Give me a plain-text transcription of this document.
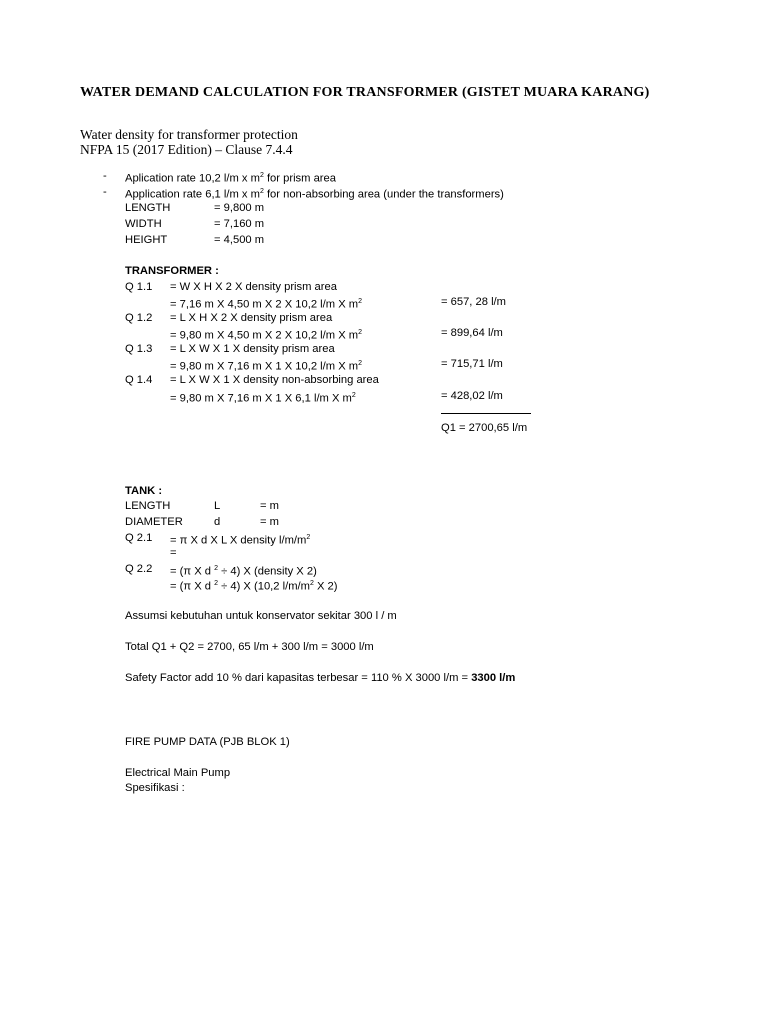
WATER DEMAND CALCULATION FOR TRANSFORMER (GISTET MUARA KARANG)
Water density for transformer protection
NFPA 15 (2017 Edition) – Clause 7.4.4
- Aplication rate 10,2 l/m x $m^2$ for prism area
- Application rate 6,1 l/m x $m^2$ for non-absorbing area (under the transformers)
LENGTH	= 9,800 m
WIDTH	= 7,160 m
HEIGHT	= 4,500 m
TRANSFORMER :
Q 1.1 = W X H X 2 X density prism area
= 7,16 m X 4,50 m X 2 X 10,2 l/m X $m^2$	= 657, 28 l/m
Q 1.2 = L X H X 2 X density prism area
= 9,80 m X 4,50 m X 2 X 10,2 l/m X $m^2$	= 899,64 l/m
Q 1.3 = L X W X 1 X density prism area
= 9,80 m X 7,16 m X 1 X 10,2 l/m X $m^2$	= 715,71 l/m
Q 1.4 = L X W X 1 X density non-absorbing area
= 9,80 m X 7,16 m X 1 X 6,1 l/m X $m^2$	= 428,02 l/m
Q1 = 2700,65 l/m
TANK :
LENGTH	L	= m
DIAMETER	d	= m
Q 2.1 = π X d X L X density $l/m/m^2$
=
Q 2.2 = (π X d $^2$ ÷ 4) X (density X 2)
= (π X d $^2$ ÷ 4) X (10,2 $l/m/m^2$ X 2)
Assumsi kebutuhan untuk konservator sekitar 300 l / m
Total Q1 + Q2 = 2700, 65 l/m + 300 l/m = 3000 l/m
Safety Factor add 10 % dari kapasitas terbesar = 110 % X 3000 l/m = 3300 l/m
FIRE PUMP DATA (PJB BLOK 1)
Electrical Main Pump
Spesifikasi :
